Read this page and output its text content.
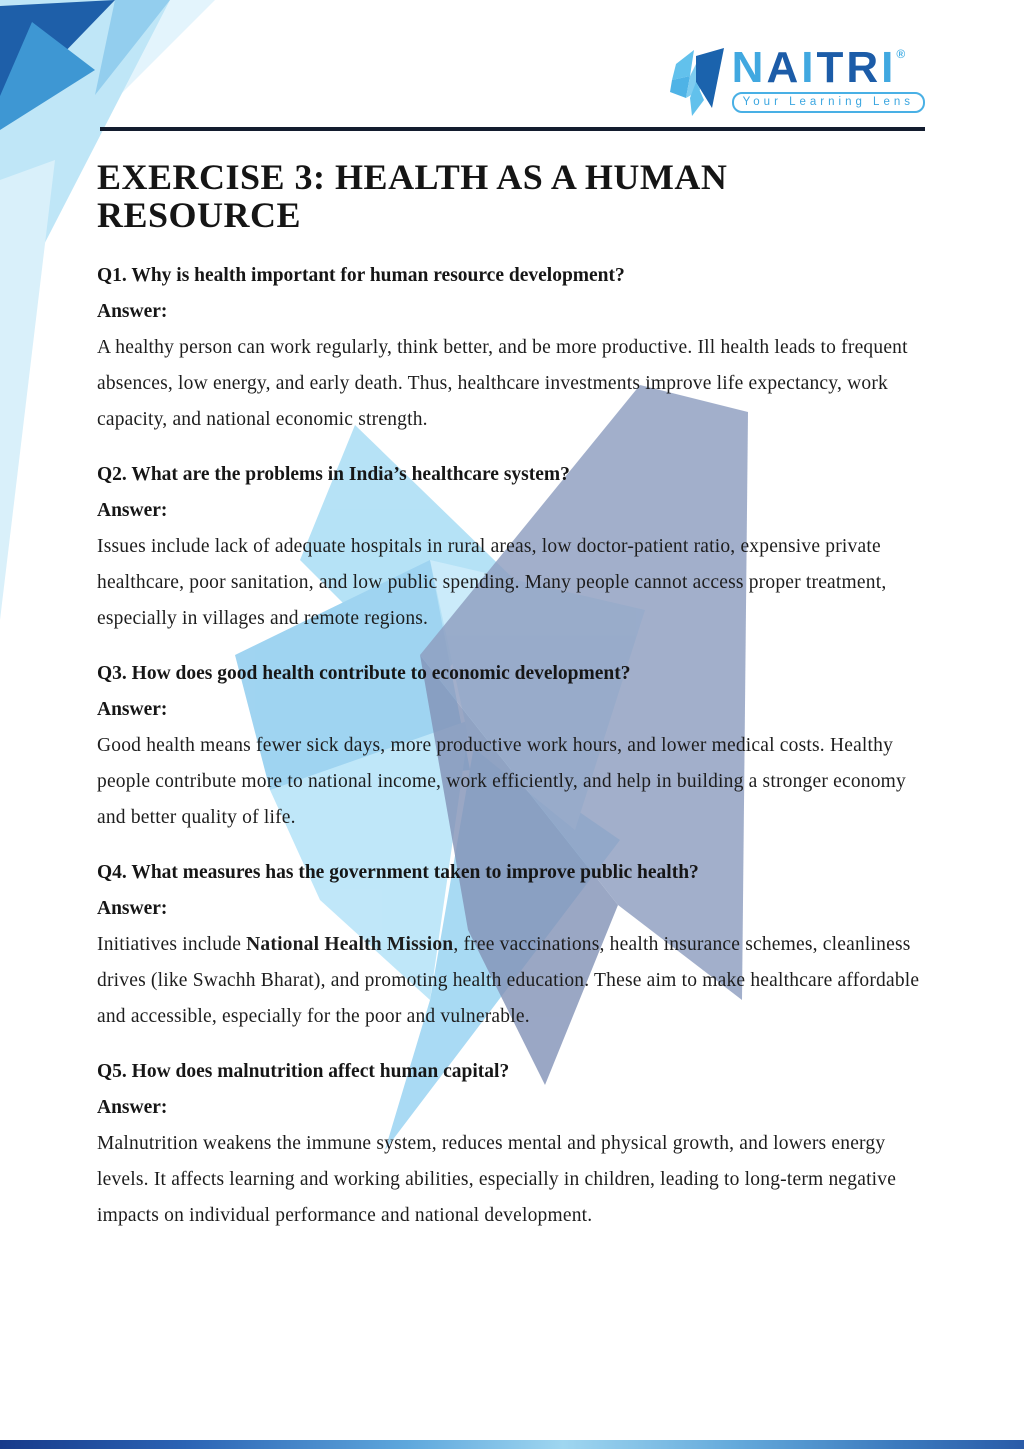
NAITRI ®
Your Learning Lens
EXERCISE 3: HEALTH AS A HUMAN RESOURCE
Q1. Why is health important for human resource development?

Answer:

A healthy person can work regularly, think better, and be more productive. Ill health leads to frequent absences, low energy, and early death. Thus, healthcare investments improve life expectancy, work capacity, and national economic strength.

Q2. What are the problems in India’s healthcare system?

Answer:

Issues include lack of adequate hospitals in rural areas, low doctor-patient ratio, expensive private healthcare, poor sanitation, and low public spending. Many people cannot access proper treatment, especially in villages and remote regions.

Q3. How does good health contribute to economic development?

Answer:

Good health means fewer sick days, more productive work hours, and lower medical costs. Healthy people contribute more to national income, work efficiently, and help in building a stronger economy and better quality of life.

Q4. What measures has the government taken to improve public health?

Answer:

Initiatives include National Health Mission, free vaccinations, health insurance schemes, cleanliness drives (like Swachh Bharat), and promoting health education. These aim to make healthcare affordable and accessible, especially for the poor and vulnerable.

Q5. How does malnutrition affect human capital?

Answer:

Malnutrition weakens the immune system, reduces mental and physical growth, and lowers energy levels. It affects learning and working abilities, especially in children, leading to long-term negative impacts on individual performance and national development.
